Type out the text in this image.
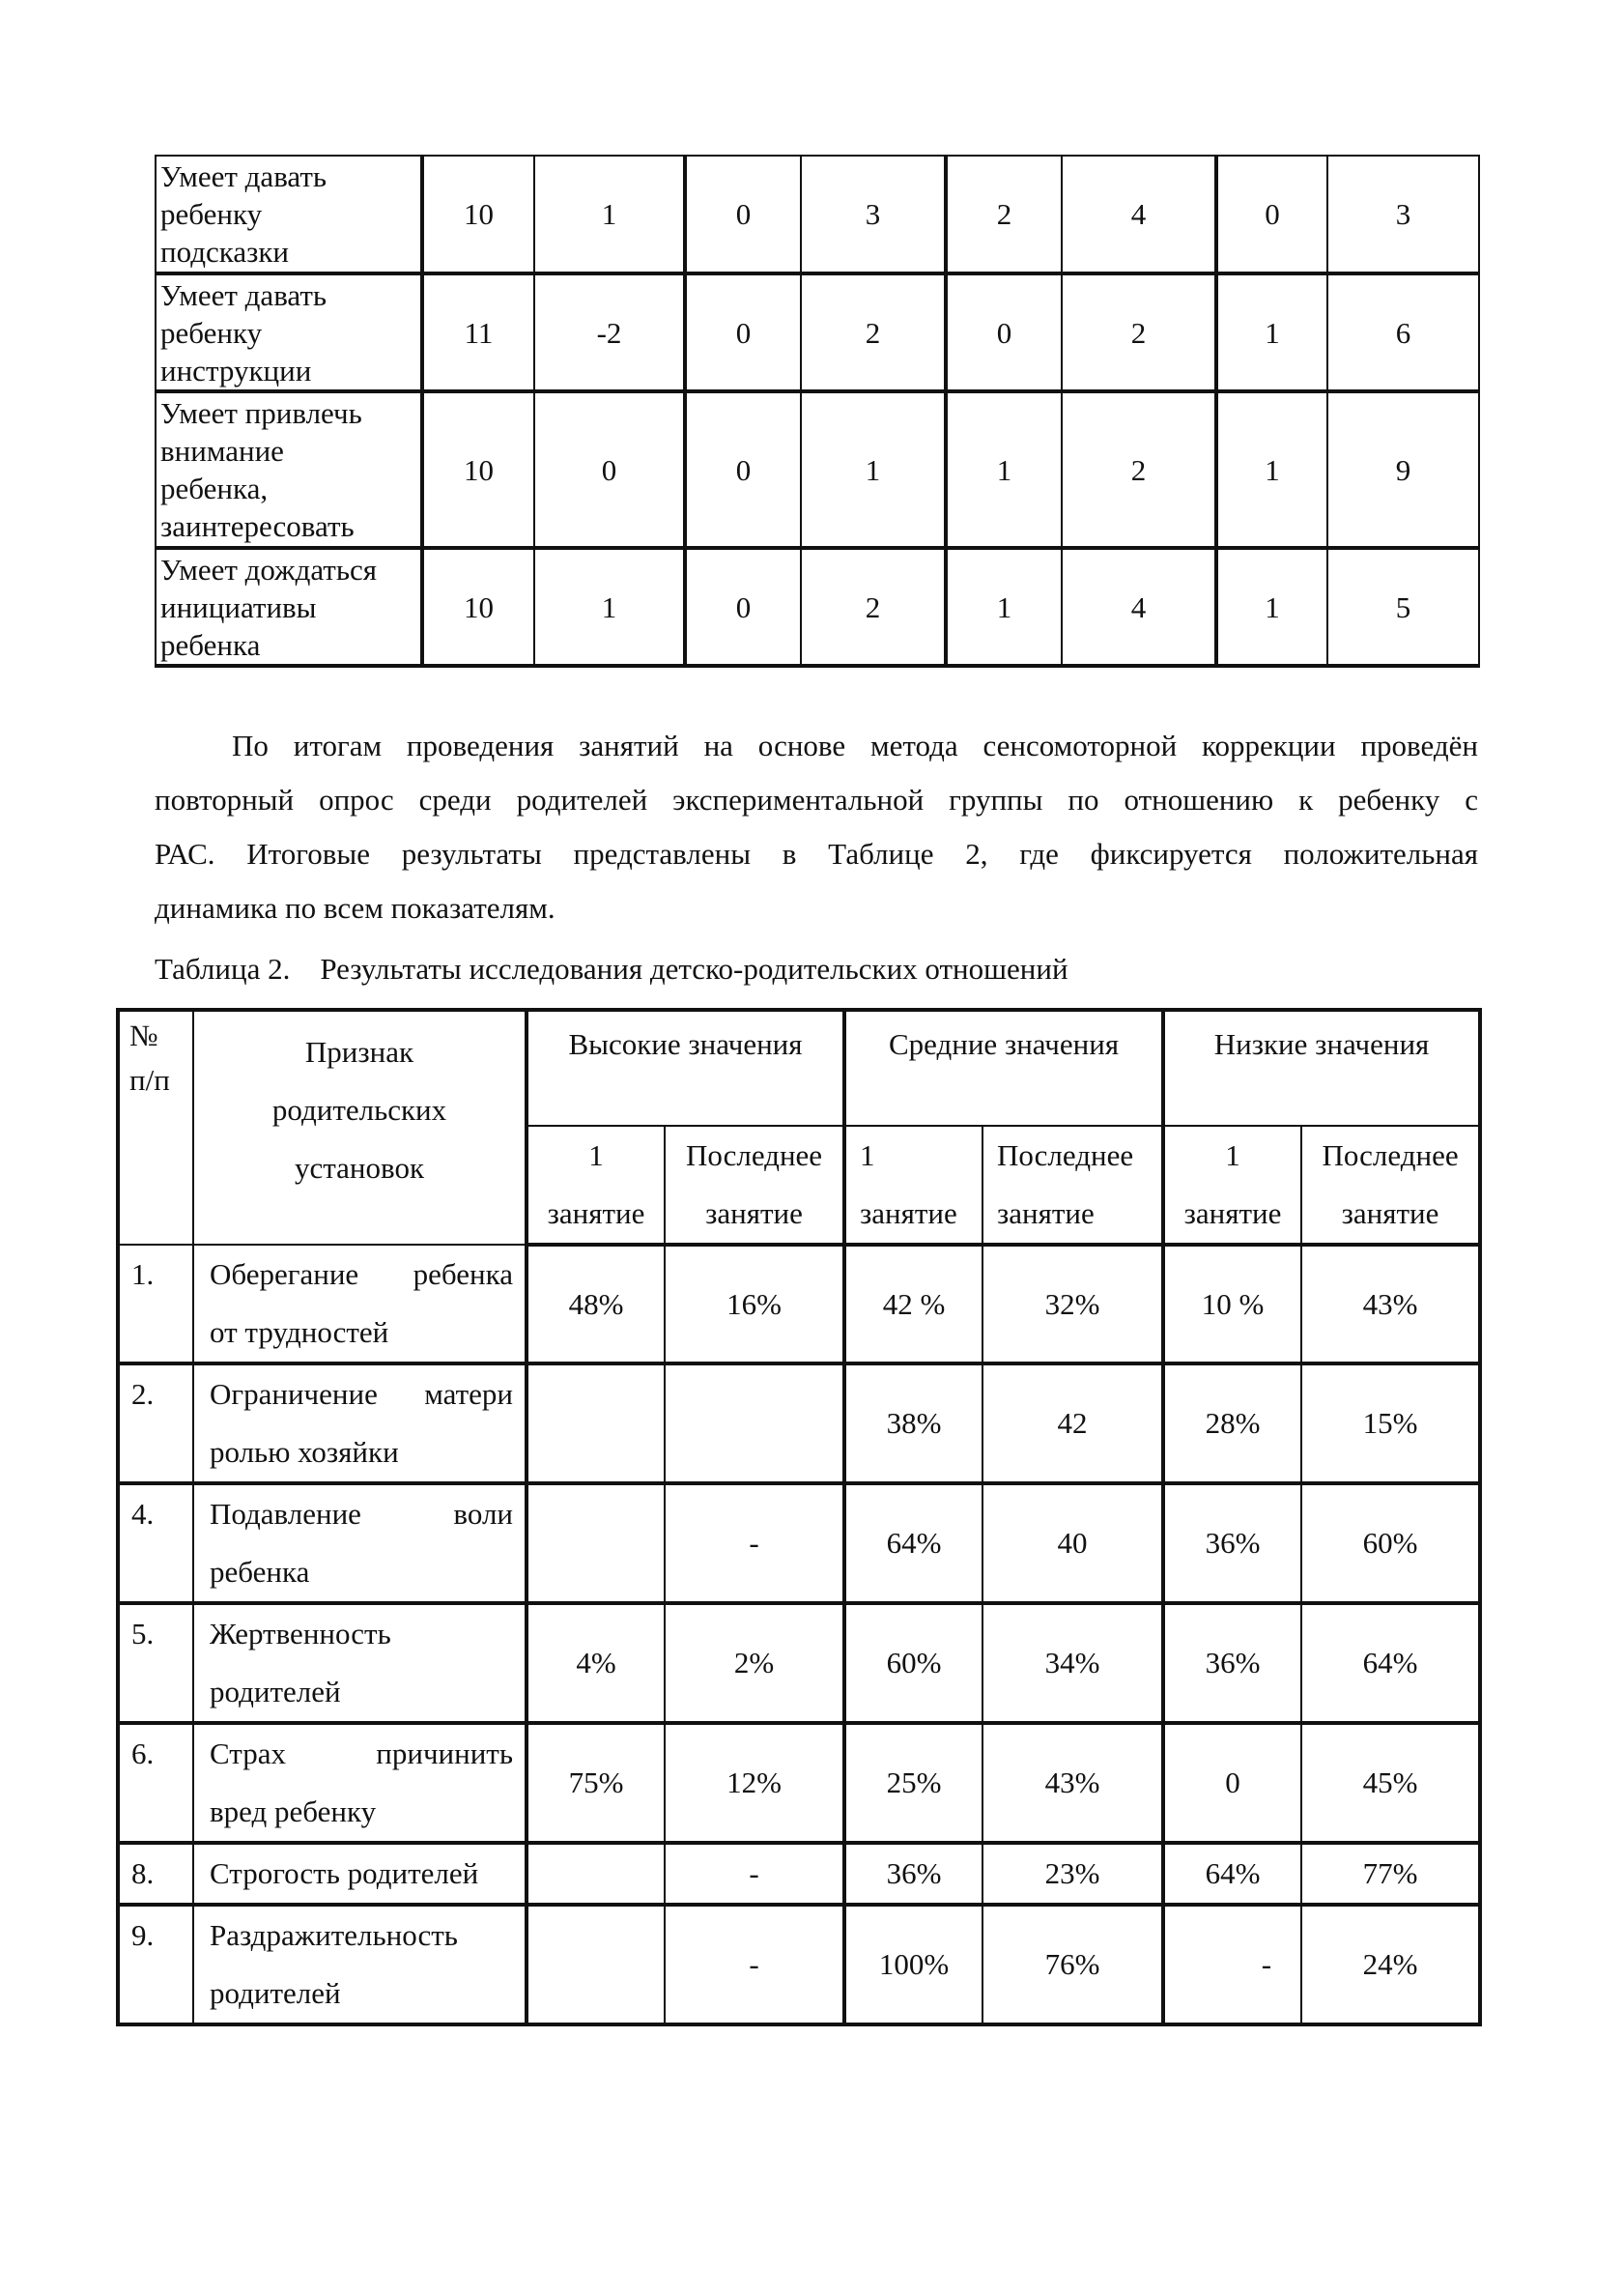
Умеет давать
ребенку
подсказки	10	1	0	3	2	4	0	3

Умеет давать
ребенку
инструкции	11	-2	0	2	0	2	1	6

Умеет привлечь
внимание
ребенка,
заинтересовать	10	0	0	1	1	2	1	9

Умеет дождаться
инициативы
ребенка	10	1	0	2	1	4	1	5

По итогам проведения занятий на основе метода сенсомоторной коррекции проведён
повторный опрос среди родителей экспериментальной группы по отношению к ребенку с
РАС. Итоговые результаты представлены в Таблице 2, где фиксируется положительная
динамика по всем показателям.

Таблица 2.    Результаты исследования детско-родительских отношений

№
п/п	Признак
родительских
установок	Высокие значения		Средние значения		Низкие значения	

		1
занятие	Последнее
занятие	1
занятие	Последнее
занятие	1
занятие	Последнее
занятие

1.	Оберегание   ребенка
от трудностей	48%	16%	42 %	32%	10 %	43%
2.	Ограничение   матери
ролью хозяйки			38%	42	28%	15%
4.	Подавление        воли
ребенка		-	64%	40	36%	60%
5.	Жертвенность
родителей	4%	2%	60%	34%	36%	64%
6.	Страх        причинить
вред ребенку	75%	12%	25%	43%	0	45%
8.	Строгость родителей		-	36%	23%	64%	77%
9.	Раздражительность
родителей		-	100%	76%	-	24%
